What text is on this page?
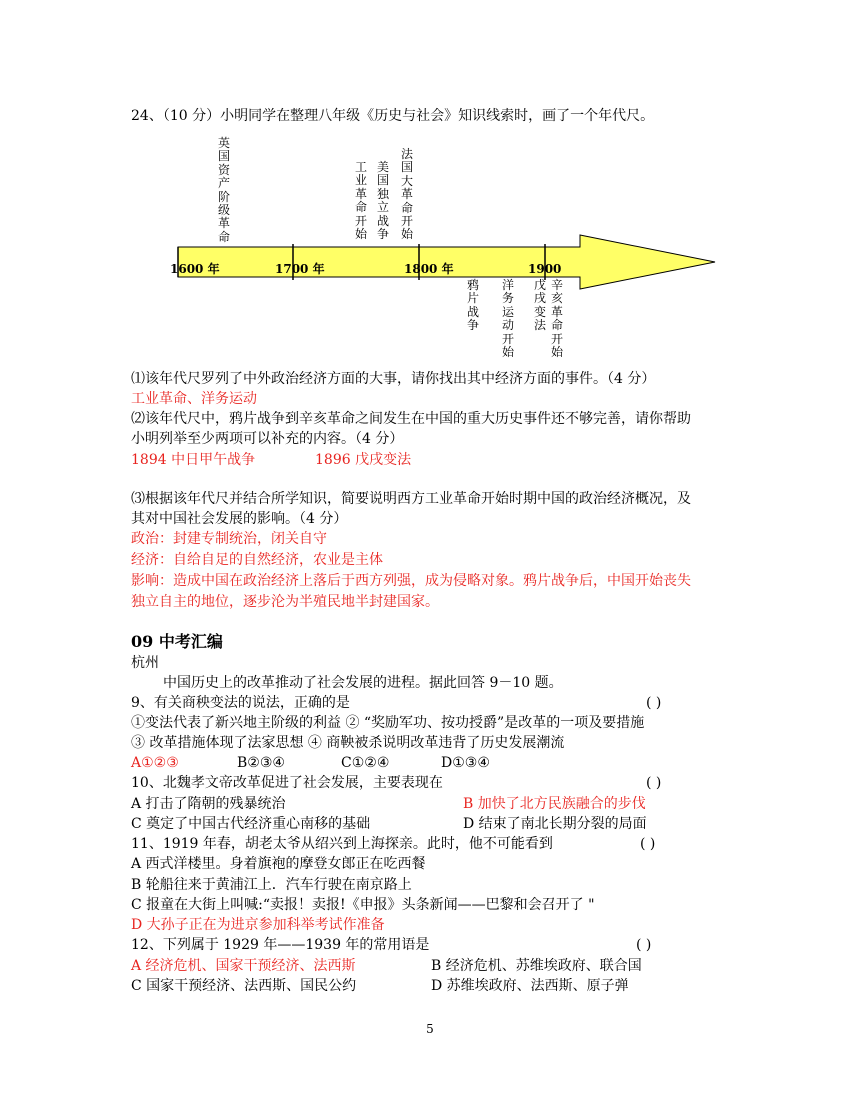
24、（10 分）小明同学在整理八年级《历史与社会》知识线索时，画了一个年代尺。
1600 年	1700 年	1800 年	1900
英国资产阶级革命
工业革命开始
美国独立战争
法国大革命开始
鸦片战争
洋务运动开始
戊戌变法
辛亥革命开始
⑴该年代尺罗列了中外政治经济方面的大事，请你找出其中经济方面的事件。（4 分）
工业革命、洋务运动
⑵该年代尺中，鸦片战争到辛亥革命之间发生在中国的重大历史事件还不够完善，请你帮助
小明列举至少两项可以补充的内容。（4 分）
1894 中日甲午战争	1896 戊戌变法
⑶根据该年代尺并结合所学知识，简要说明西方工业革命开始时期中国的政治经济概况，及
其对中国社会发展的影响。（4 分）
政治：封建专制统治，闭关自守
经济：自给自足的自然经济，农业是主体
影响：造成中国在政治经济上落后于西方列强，成为侵略对象。鸦片战争后，中国开始丧失
独立自主的地位，逐步沦为半殖民地半封建国家。
09 中考汇编
杭州
中国历史上的改革推动了社会发展的进程。据此回答 9－10 题。
9、有关商秧变法的说法，正确的是	( )
①变法代表了新兴地主阶级的利益 ② “奖励军功、按功授爵”是改革的一项及要措施
③ 改革措施体现了法家思想 ④ 商鞅被杀说明改革违背了历史发展潮流
A①②③	B②③④	C①②④	D①③④
10、北魏孝文帝改革促进了社会发展，主要表现在	( )
A 打击了隋朝的残暴统治	B 加快了北方民族融合的步伐
C 奠定了中国古代经济重心南移的基础	D 结束了南北长期分裂的局面
11、1919 年春，胡老太爷从绍兴到上海探亲。此时，他不可能看到	( )
A 西式洋楼里。身着旗袍的摩登女郎正在吃西餐
B 轮船往来于黄浦江上．汽车行驶在南京路上
C 报童在大街上叫喊:“卖报！卖报!《申报》头条新闻——巴黎和会召开了 "
D 大孙子正在为进京参加科举考试作准备
12、下列属于 1929 年——1939 年的常用语是	( )
A 经济危机、国家干预经济、法西斯	B 经济危机、苏维埃政府、联合国
C 国家干预经济、法西斯、国民公约	D 苏维埃政府、法西斯、原子弹
5
